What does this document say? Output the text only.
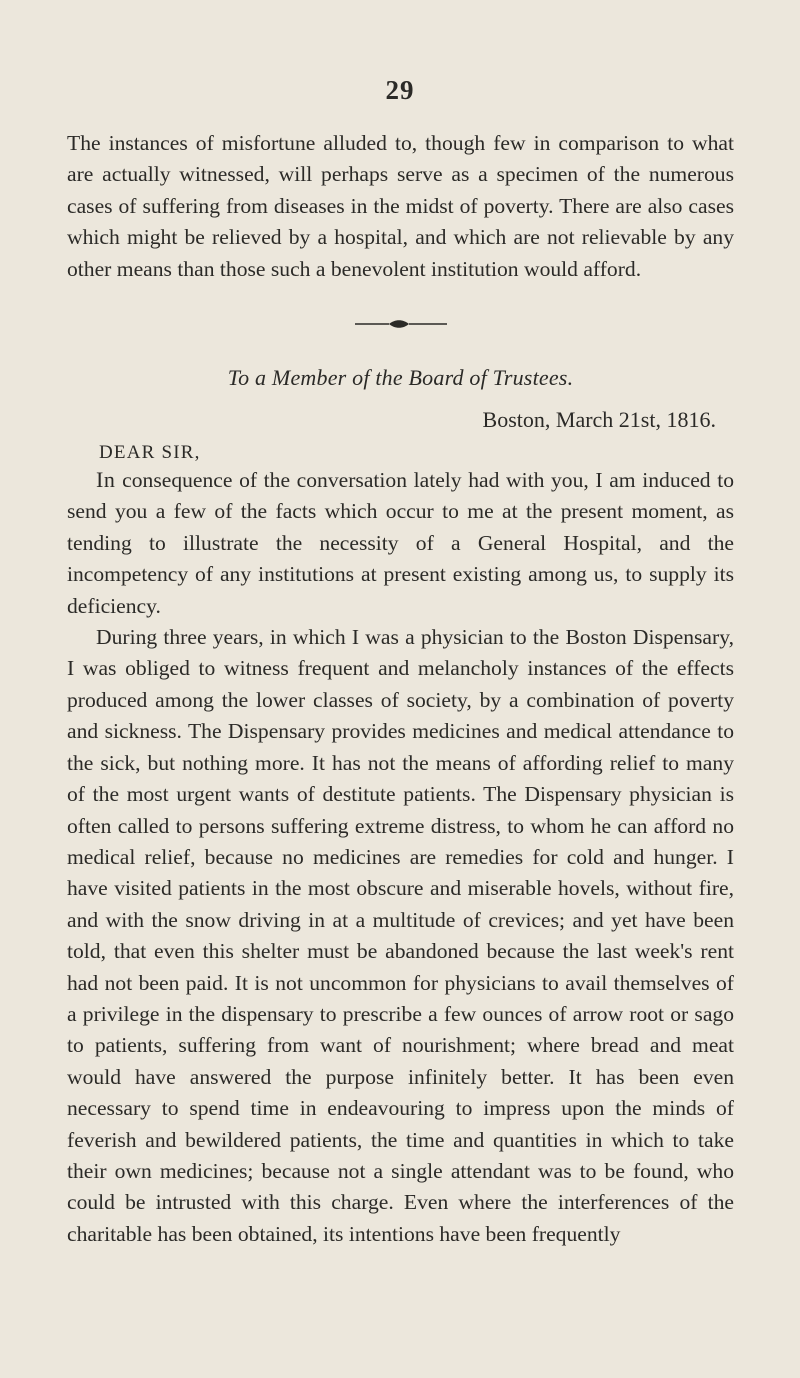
29

The instances of misfortune alluded to, though few in comparison to what are actually witnessed, will perhaps serve as a specimen of the numerous cases of suffering from diseases in the midst of poverty. There are also cases which might be relieved by a hospital, and which are not relievable by any other means than those such a benevolent institution would afford.

To a Member of the Board of Trustees.
Boston, March 21st, 1816.
DEAR SIR,

In consequence of the conversation lately had with you, I am induced to send you a few of the facts which occur to me at the present moment, as tending to illustrate the necessity of a General Hospital, and the incompetency of any institutions at present existing among us, to supply its deficiency.

During three years, in which I was a physician to the Boston Dispensary, I was obliged to witness frequent and melancholy instances of the effects produced among the lower classes of society, by a combination of poverty and sickness. The Dispensary provides medicines and medical attendance to the sick, but nothing more. It has not the means of affording relief to many of the most urgent wants of destitute patients. The Dispensary physician is often called to persons suffering extreme distress, to whom he can afford no medical relief, because no medicines are remedies for cold and hunger. I have visited patients in the most obscure and miserable hovels, without fire, and with the snow driving in at a multitude of crevices; and yet have been told, that even this shelter must be abandoned because the last week's rent had not been paid. It is not uncommon for physicians to avail themselves of a privilege in the dispensary to prescribe a few ounces of arrow root or sago to patients, suffering from want of nourishment; where bread and meat would have answered the purpose infinitely better. It has been even necessary to spend time in endeavouring to impress upon the minds of feverish and bewildered patients, the time and quantities in which to take their own medicines; because not a single attendant was to be found, who could be intrusted with this charge. Even where the interferences of the charitable has been obtained, its intentions have been frequently
